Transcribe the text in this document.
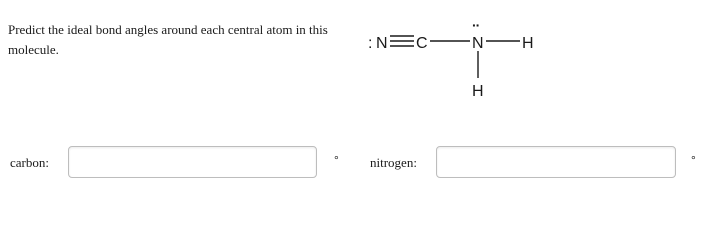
Predict the ideal bond angles around each central atom in this molecule.	: N C
··
N H
H
carbon:	° nitrogen:	°
